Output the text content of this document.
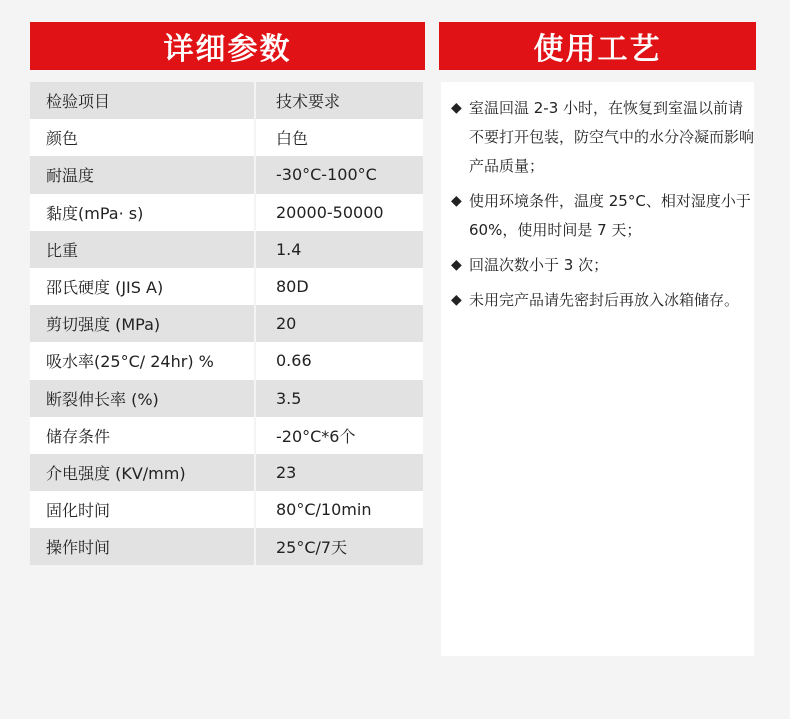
详细参数	使用工艺
检验项目	技术要求
颜色	白色
耐温度	-30°C-100°C
黏度(mPa· s)	20000-50000
比重	1.4
邵氏硬度 (JIS A)	80D
剪切强度 (MPa)	20
吸水率(25°C/ 24hr) %	0.66
断裂伸长率 (%)	3.5
储存条件	-20°C*6个
介电强度 (KV/mm)	23
固化时间	80°C/10min
操作时间	25°C/7天
◆ 室温回温 2-3 小时，在恢复到室温以前请不要打开包装，防空气中的水分冷凝而影响产品质量；
◆ 使用环境条件，温度 25°C、相对湿度小于 60%，使用时间是 7 天；
◆ 回温次数小于 3 次；
◆ 未用完产品请先密封后再放入冰箱储存。
